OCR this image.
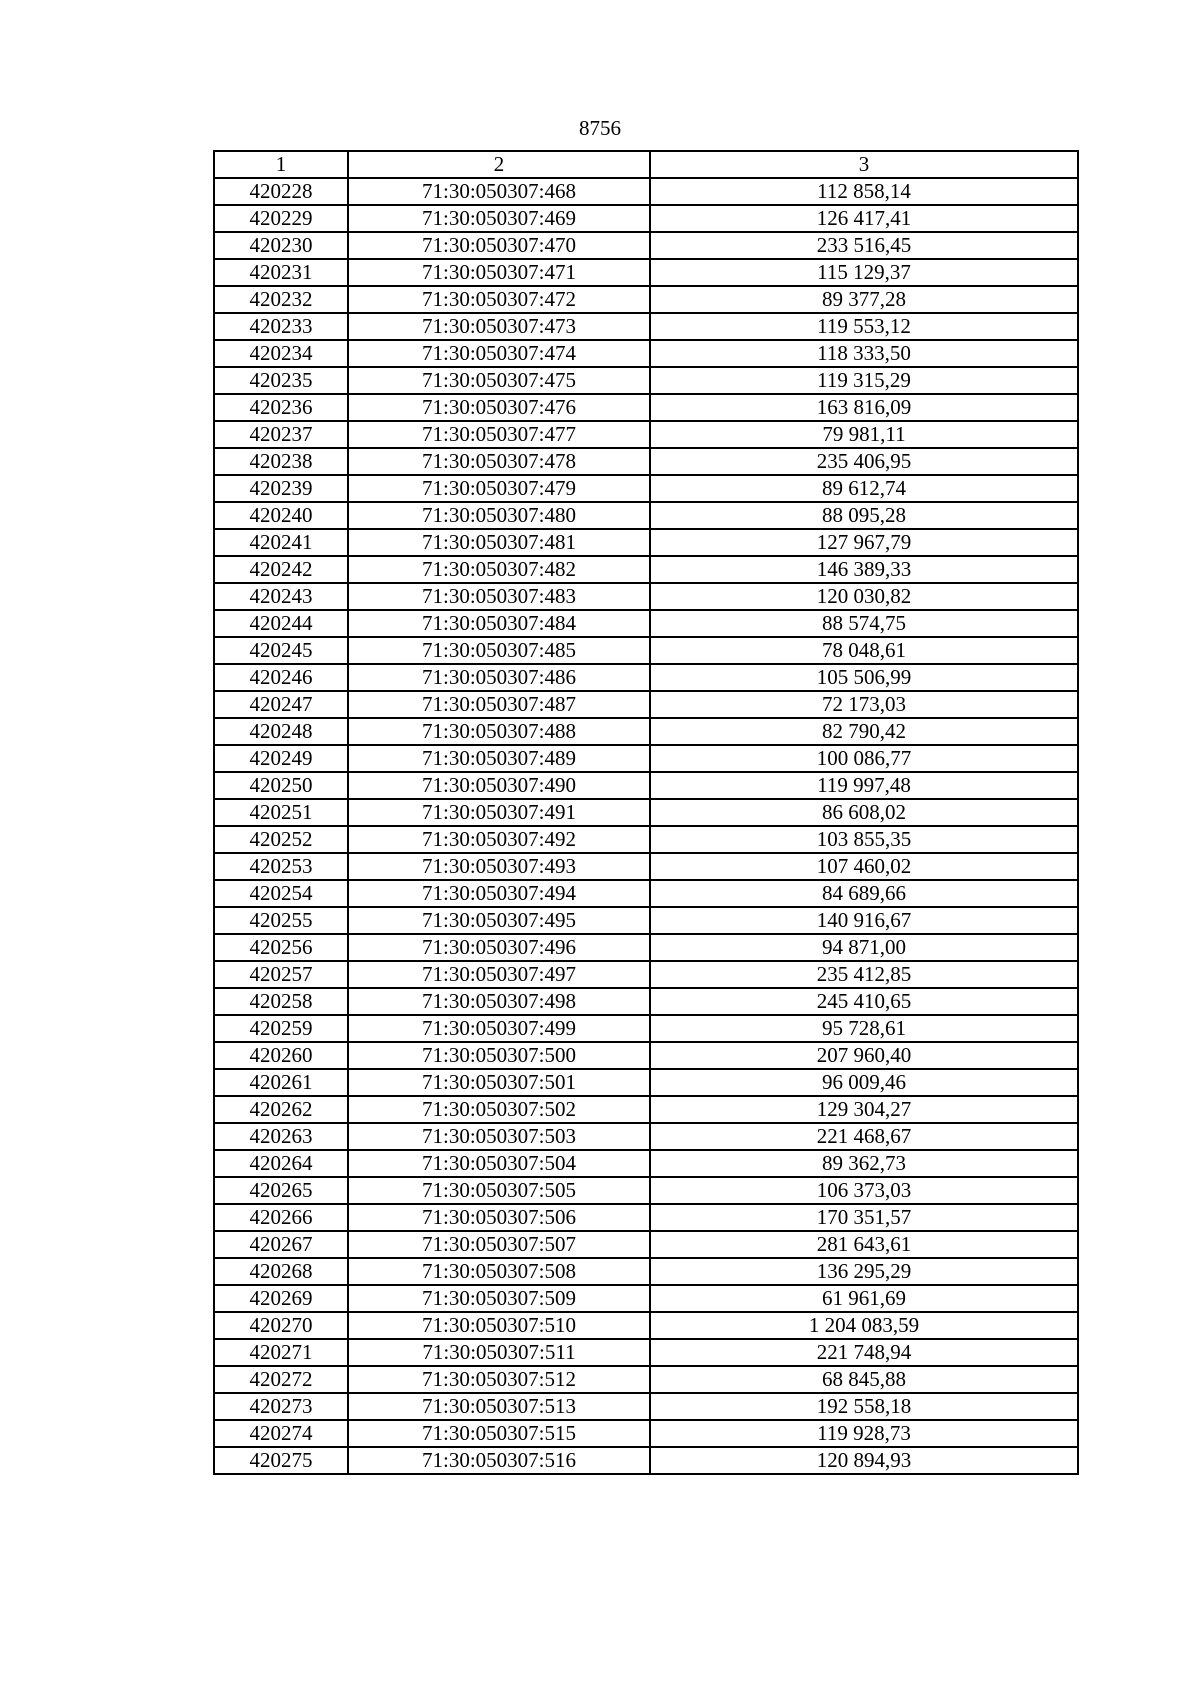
8756
1	2	3
420228	71:30:050307:468	112 858,14
420229	71:30:050307:469	126 417,41
420230	71:30:050307:470	233 516,45
420231	71:30:050307:471	115 129,37
420232	71:30:050307:472	89 377,28
420233	71:30:050307:473	119 553,12
420234	71:30:050307:474	118 333,50
420235	71:30:050307:475	119 315,29
420236	71:30:050307:476	163 816,09
420237	71:30:050307:477	79 981,11
420238	71:30:050307:478	235 406,95
420239	71:30:050307:479	89 612,74
420240	71:30:050307:480	88 095,28
420241	71:30:050307:481	127 967,79
420242	71:30:050307:482	146 389,33
420243	71:30:050307:483	120 030,82
420244	71:30:050307:484	88 574,75
420245	71:30:050307:485	78 048,61
420246	71:30:050307:486	105 506,99
420247	71:30:050307:487	72 173,03
420248	71:30:050307:488	82 790,42
420249	71:30:050307:489	100 086,77
420250	71:30:050307:490	119 997,48
420251	71:30:050307:491	86 608,02
420252	71:30:050307:492	103 855,35
420253	71:30:050307:493	107 460,02
420254	71:30:050307:494	84 689,66
420255	71:30:050307:495	140 916,67
420256	71:30:050307:496	94 871,00
420257	71:30:050307:497	235 412,85
420258	71:30:050307:498	245 410,65
420259	71:30:050307:499	95 728,61
420260	71:30:050307:500	207 960,40
420261	71:30:050307:501	96 009,46
420262	71:30:050307:502	129 304,27
420263	71:30:050307:503	221 468,67
420264	71:30:050307:504	89 362,73
420265	71:30:050307:505	106 373,03
420266	71:30:050307:506	170 351,57
420267	71:30:050307:507	281 643,61
420268	71:30:050307:508	136 295,29
420269	71:30:050307:509	61 961,69
420270	71:30:050307:510	1 204 083,59
420271	71:30:050307:511	221 748,94
420272	71:30:050307:512	68 845,88
420273	71:30:050307:513	192 558,18
420274	71:30:050307:515	119 928,73
420275	71:30:050307:516	120 894,93
